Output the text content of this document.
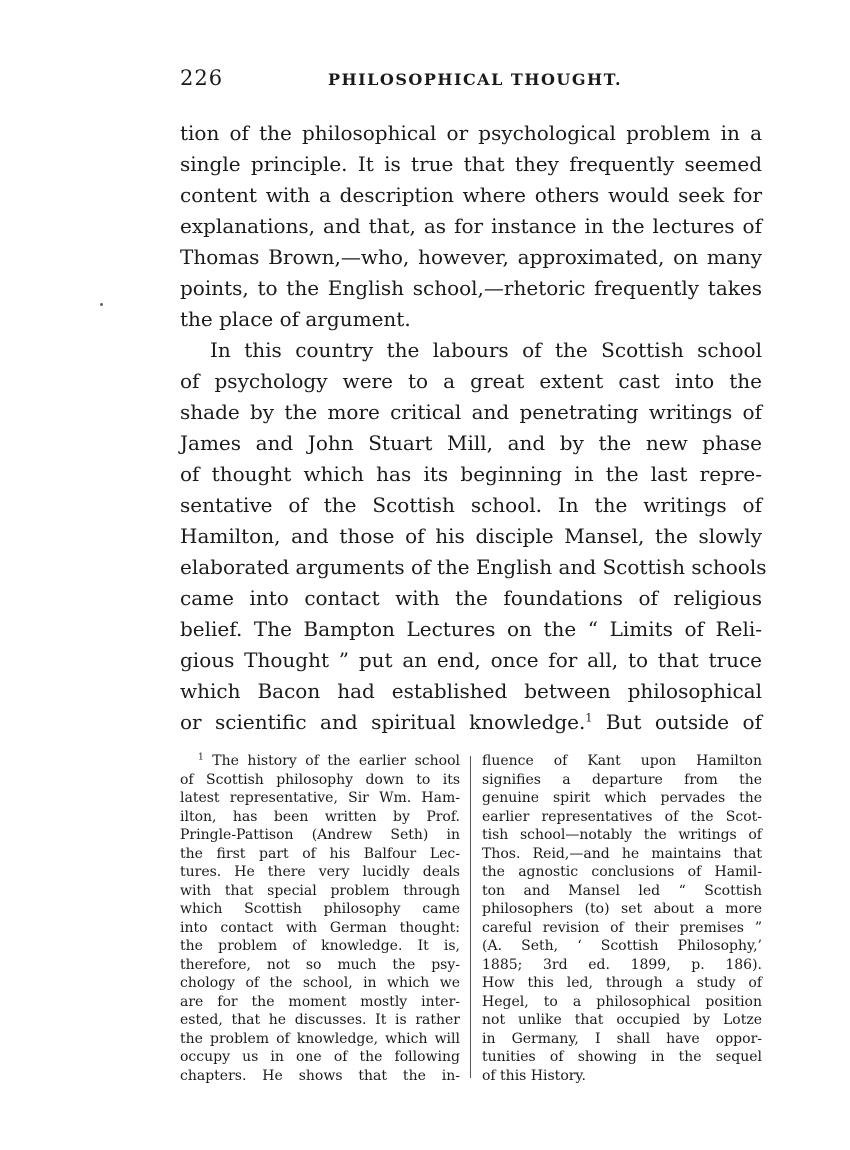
226	PHILOSOPHICAL THOUGHT.
tion of the philosophical or psychological problem in a
single principle. It is true that they frequently seemed
content with a description where others would seek for
explanations, and that, as for instance in the lectures of
Thomas Brown,—who, however, approximated, on many
points, to the English school,—rhetoric frequently takes
the place of argument.
In this country the labours of the Scottish school
of psychology were to a great extent cast into the
shade by the more critical and penetrating writings of
James and John Stuart Mill, and by the new phase
of thought which has its beginning in the last repre-
sentative of the Scottish school. In the writings of
Hamilton, and those of his disciple Mansel, the slowly
elaborated arguments of the English and Scottish schools
came into contact with the foundations of religious
belief. The Bampton Lectures on the “ Limits of Reli-
gious Thought ” put an end, once for all, to that truce
which Bacon had established between philosophical
or scientific and spiritual knowledge.$^1$ But outside of
$^1$ The history of the earlier school
of Scottish philosophy down to its
latest representative, Sir Wm. Ham-
ilton, has been written by Prof.
Pringle-Pattison (Andrew Seth) in
the first part of his Balfour Lec-
tures. He there very lucidly deals
with that special problem through
which Scottish philosophy came
into contact with German thought:
the problem of knowledge. It is,
therefore, not so much the psy-
chology of the school, in which we
are for the moment mostly inter-
ested, that he discusses. It is rather
the problem of knowledge, which will
occupy us in one of the following
chapters. He shows that the in-
fluence of Kant upon Hamilton
signifies a departure from the
genuine spirit which pervades the
earlier representatives of the Scot-
tish school—notably the writings of
Thos. Reid,—and he maintains that
the agnostic conclusions of Hamil-
ton and Mansel led “ Scottish
philosophers (to) set about a more
careful revision of their premises ”
(A. Seth, ‘ Scottish Philosophy,’
1885; 3rd ed. 1899, p. 186).
How this led, through a study of
Hegel, to a philosophical position
not unlike that occupied by Lotze
in Germany, I shall have oppor-
tunities of showing in the sequel
of this History.
